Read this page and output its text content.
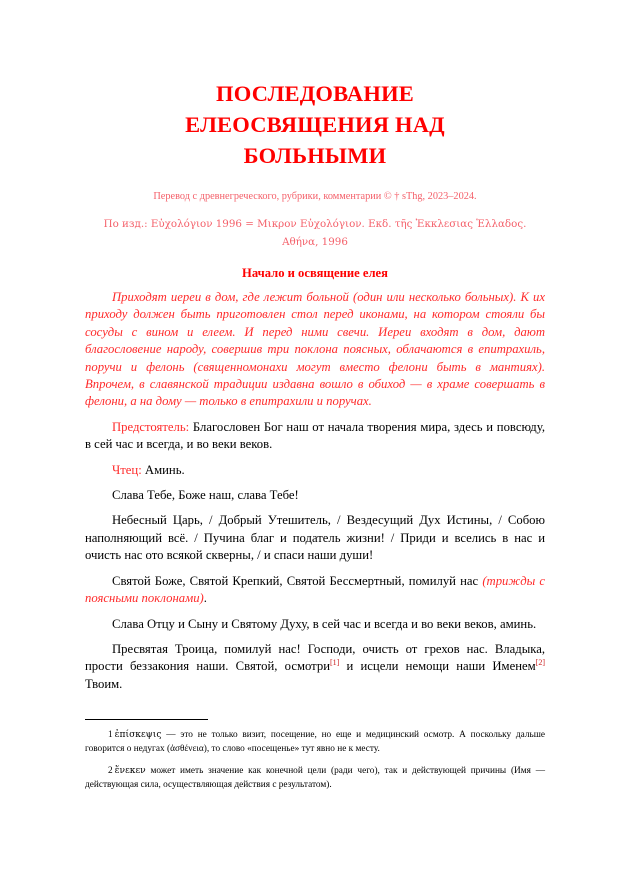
ПОСЛЕДОВАНИЕ
ЕЛЕОСВЯЩЕНИЯ НАД
БОЛЬНЫМИ
Перевод с древнегреческого, рубрики, комментарии © † sThg, 2023–2024.
По изд.: Εὐχολόγιον 1996 = Μικρον Εὐχολόγιον. Εκδ. τῆς Ἐκκλεσιας Ἑλλαδος.
Αθήνα, 1996
Начало и освящение елея

Приходят иереи в дом, где лежит больной (один или несколько больных). К их приходу должен быть приготовлен стол перед иконами, на котором стояли бы сосуды с вином и елеем. И перед ними свечи. Иереи входят в дом, дают благословение народу, совершив три поклона поясных, облачаются в епитрахиль, поручи и фелонь (священномонахи могут вместо фелони быть в мантиях). Впрочем, в славянской традиции издавна вошло в обиход — в храме совершать в фелони, а на дому — только в епитрахили и поручах.

Предстоятель: Благословен Бог наш от начала творения мира, здесь и повсюду, в сей час и всегда, и во веки веков.

Чтец: Аминь.

Слава Тебе, Боже наш, слава Тебе!

Небесный Царь, / Добрый Утешитель, / Вездесущий Дух Истины, / Собою наполняющий всё. / Пучина благ и податель жизни! / Приди и вселись в нас и очисть нас ото всякой скверны, / и спаси наши души!

Святой Боже, Святой Крепкий, Святой Бессмертный, помилуй нас (трижды с поясными поклонами).

Слава Отцу и Сыну и Святому Духу, в сей час и всегда и во веки веков, аминь.

Пресвятая Троица, помилуй нас! Господи, очисть от грехов нас. Владыка, прости беззакония наши. Святой, осмотри[1] и исцели немощи наши Именем[2] Твоим.

1 ἐπίσκεψις — это не только визит, посещение, но еще и медицинский осмотр. А поскольку дальше говорится о недугах (ἀσθένεια), то слово «посещенье» тут явно не к месту.

2 ἕνεκεν может иметь значение как конечной цели (ради чего), так и действующей причины (Имя — действующая сила, осуществляющая действия с результатом).
